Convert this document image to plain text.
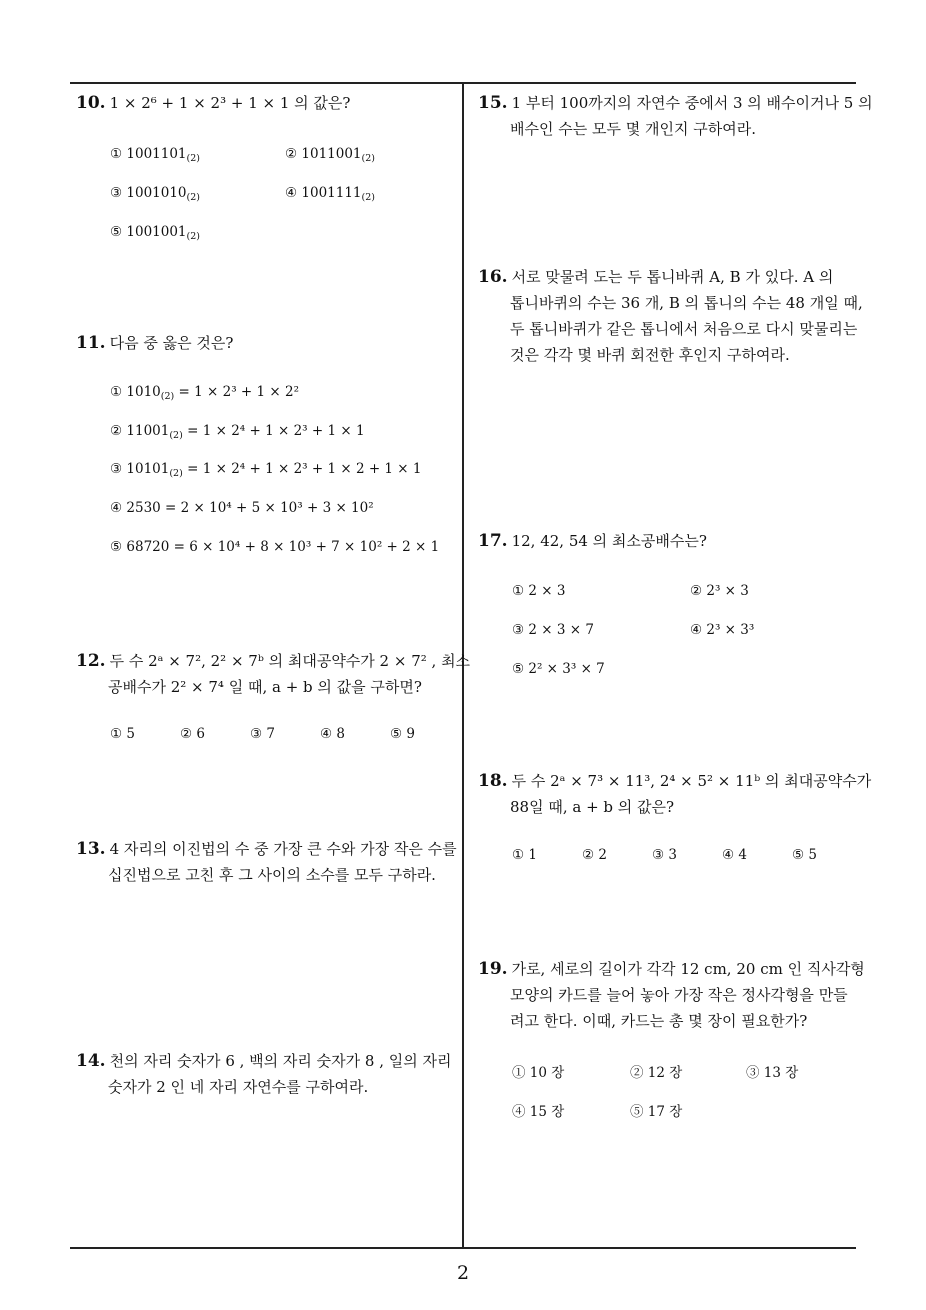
10. 1 × 2⁶ + 1 × 2³ + 1 × 1 의 값은?
① $1001101_{(2)}$	② $1011001_{(2)}$
③ $1001010_{(2)}$	④ $1001111_{(2)}$
⑤ $1001001_{(2)}$
11. 다음 중 옳은 것은?
① $1010_{(2)} = 1 \times 2^3 + 1 \times 2^2$
② $11001_{(2)} = 1 \times 2^4 + 1 \times 2^3 + 1 \times 1$
③ $10101_{(2)} = 1 \times 2^4 + 1 \times 2^3 + 1 \times 2 + 1 \times 1$
④ 2530 = 2 × 10⁴ + 5 × 10³ + 3 × 10²
⑤ 68720 = 6 × 10⁴ + 8 × 10³ + 7 × 10² + 2 × 1
12. 두 수 2ᵃ × 7², 2² × 7ᵇ 의 최대공약수가 2 × 7² , 최소
공배수가 2² × 7⁴ 일 때, a + b 의 값을 구하면?
① 5	② 6	③ 7	④ 8	⑤ 9
13. 4 자리의 이진법의 수 중 가장 큰 수와 가장 작은 수를
십진법으로 고친 후 그 사이의 소수를 모두 구하라.
14. 천의 자리 숫자가 6 , 백의 자리 숫자가 8 , 일의 자리
숫자가 2 인 네 자리 자연수를 구하여라.
15. 1 부터 100까지의 자연수 중에서 3 의 배수이거나 5 의
배수인 수는 모두 몇 개인지 구하여라.
16. 서로 맞물려 도는 두 톱니바퀴 A, B 가 있다. A 의
톱니바퀴의 수는 36 개, B 의 톱니의 수는 48 개일 때,
두 톱니바퀴가 같은 톱니에서 처음으로 다시 맞물리는
것은 각각 몇 바퀴 회전한 후인지 구하여라.
17. 12, 42, 54 의 최소공배수는?
① 2 × 3	② 2³ × 3
③ 2 × 3 × 7	④ 2³ × 3³
⑤ 2² × 3³ × 7
18. 두 수 2ᵃ × 7³ × 11³, 2⁴ × 5² × 11ᵇ 의 최대공약수가
88일 때, a + b 의 값은?
① 1	② 2	③ 3	④ 4	⑤ 5
19. 가로, 세로의 길이가 각각 12 cm, 20 cm 인 직사각형
모양의 카드를 늘어 놓아 가장 작은 정사각형을 만들
려고 한다. 이때, 카드는 총 몇 장이 필요한가?
① 10 장	② 12 장	③ 13 장
④ 15 장	⑤ 17 장
2
